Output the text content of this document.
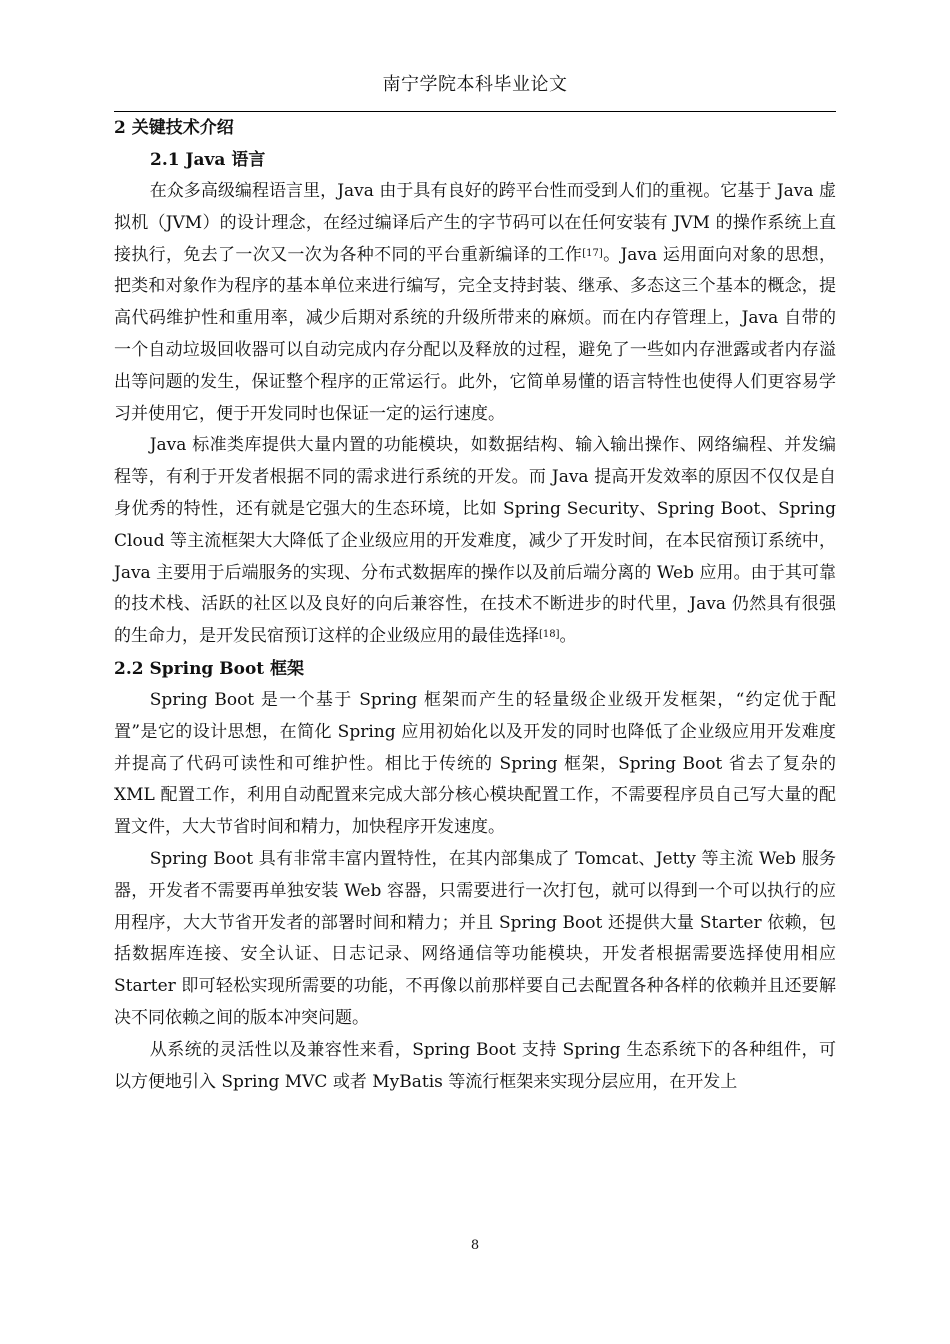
南宁学院本科毕业论文
2 关键技术介绍
2.1 Java 语言

在众多高级编程语言里，Java 由于具有良好的跨平台性而受到人们的重视。它基于 Java 虚拟机（JVM）的设计理念，在经过编译后产生的字节码可以在任何安装有 JVM 的操作系统上直接执行，免去了一次又一次为各种不同的平台重新编译的工作[17]。Java 运用面向对象的思想，把类和对象作为程序的基本单位来进行编写，完全支持封装、继承、多态这三个基本的概念，提高代码维护性和重用率，减少后期对系统的升级所带来的麻烦。而在内存管理上，Java 自带的一个自动垃圾回收器可以自动完成内存分配以及释放的过程，避免了一些如内存泄露或者内存溢出等问题的发生，保证整个程序的正常运行。此外，它简单易懂的语言特性也使得人们更容易学习并使用它，便于开发同时也保证一定的运行速度。

Java 标准类库提供大量内置的功能模块，如数据结构、输入输出操作、网络编程、并发编程等，有利于开发者根据不同的需求进行系统的开发。而 Java 提高开发效率的原因不仅仅是自身优秀的特性，还有就是它强大的生态环境，比如 Spring Security、Spring Boot、Spring Cloud 等主流框架大大降低了企业级应用的开发难度，减少了开发时间，在本民宿预订系统中，Java 主要用于后端服务的实现、分布式数据库的操作以及前后端分离的 Web 应用。由于其可靠的技术栈、活跃的社区以及良好的向后兼容性，在技术不断进步的时代里，Java 仍然具有很强的生命力，是开发民宿预订这样的企业级应用的最佳选择[18]。

2.2 Spring Boot 框架

Spring Boot 是一个基于 Spring 框架而产生的轻量级企业级开发框架，“约定优于配置”是它的设计思想，在简化 Spring 应用初始化以及开发的同时也降低了企业级应用开发难度并提高了代码可读性和可维护性。相比于传统的 Spring 框架，Spring Boot 省去了复杂的 XML 配置工作，利用自动配置来完成大部分核心模块配置工作，不需要程序员自己写大量的配置文件，大大节省时间和精力，加快程序开发速度。

Spring Boot 具有非常丰富内置特性，在其内部集成了 Tomcat、Jetty 等主流 Web 服务器，开发者不需要再单独安装 Web 容器，只需要进行一次打包，就可以得到一个可以执行的应用程序，大大节省开发者的部署时间和精力；并且 Spring Boot 还提供大量 Starter 依赖，包括数据库连接、安全认证、日志记录、网络通信等功能模块，开发者根据需要选择使用相应 Starter 即可轻松实现所需要的功能，不再像以前那样要自己去配置各种各样的依赖并且还要解决不同依赖之间的版本冲突问题。

从系统的灵活性以及兼容性来看，Spring Boot 支持 Spring 生态系统下的各种组件，可以方便地引入 Spring MVC 或者 MyBatis 等流行框架来实现分层应用，在开发上

8
